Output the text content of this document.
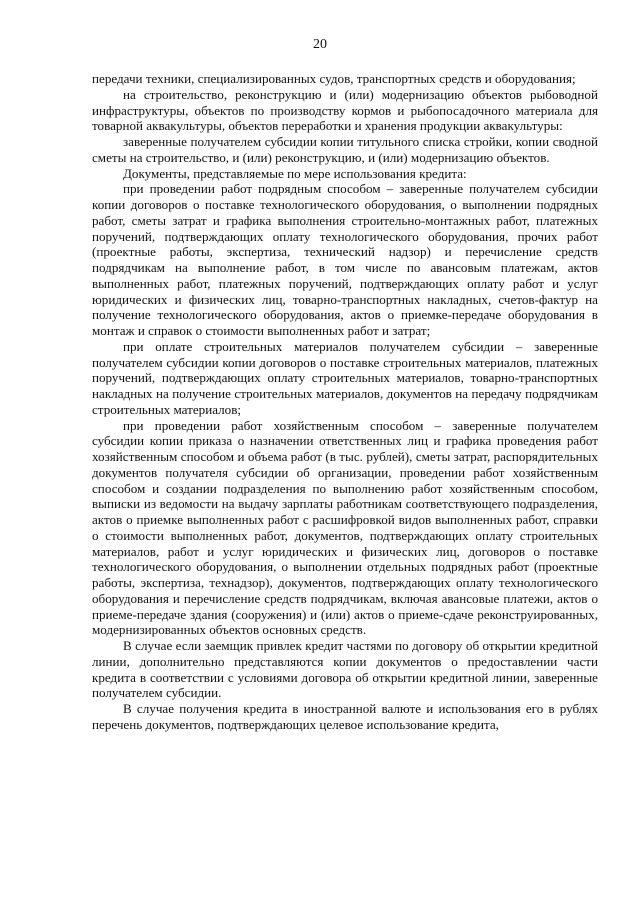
20

передачи техники, специализированных судов, транспортных средств и оборудования;

на строительство, реконструкцию и (или) модернизацию объектов рыбоводной инфраструктуры, объектов по производству кормов и рыбопосадочного материала для товарной аквакультуры, объектов переработки и хранения продукции аквакультуры:

заверенные получателем субсидии копии титульного списка стройки, копии сводной сметы на строительство, и (или) реконструкцию, и (или) модернизацию объектов.

Документы, представляемые по мере использования кредита:

при проведении работ подрядным способом – заверенные получателем субсидии копии договоров о поставке технологического оборудования, о выполнении подрядных работ, сметы затрат и графика выполнения строительно-монтажных работ, платежных поручений, подтверждающих оплату технологического оборудования, прочих работ (проектные работы, экспертиза, технический надзор) и перечисление средств подрядчикам на выполнение работ, в том числе по авансовым платежам, актов выполненных работ, платежных поручений, подтверждающих оплату работ и услуг юридических и физических лиц, товарно-транспортных накладных, счетов-фактур на получение технологического оборудования, актов о приемке-передаче оборудования в монтаж и справок о стоимости выполненных работ и затрат;

при оплате строительных материалов получателем субсидии – заверенные получателем субсидии копии договоров о поставке строительных материалов, платежных поручений, подтверждающих оплату строительных материалов, товарно-транспортных накладных на получение строительных материалов, документов на передачу подрядчикам строительных материалов;

при проведении работ хозяйственным способом – заверенные получателем субсидии копии приказа о назначении ответственных лиц и графика проведения работ хозяйственным способом и объема работ (в тыс. рублей), сметы затрат, распорядительных документов получателя субсидии об организации, проведении работ хозяйственным способом и создании подразделения по выполнению работ хозяйственным способом, выписки из ведомости на выдачу зарплаты работникам соответствующего подразделения, актов о приемке выполненных работ с расшифровкой видов выполненных работ, справки о стоимости выполненных работ, документов, подтверждающих оплату строительных материалов, работ и услуг юридических и физических лиц, договоров о поставке технологического оборудования, о выполнении отдельных подрядных работ (проектные работы, экспертиза, технадзор), документов, подтверждающих оплату технологического оборудования и перечисление средств подрядчикам, включая авансовые платежи, актов о приеме-передаче здания (сооружения) и (или) актов о приеме-сдаче реконструированных, модернизированных объектов основных средств.

В случае если заемщик привлек кредит частями по договору об открытии кредитной линии, дополнительно представляются копии документов о предоставлении части кредита в соответствии с условиями договора об открытии кредитной линии, заверенные получателем субсидии.

В случае получения кредита в иностранной валюте и использования его в рублях перечень документов, подтверждающих целевое использование кредита,
